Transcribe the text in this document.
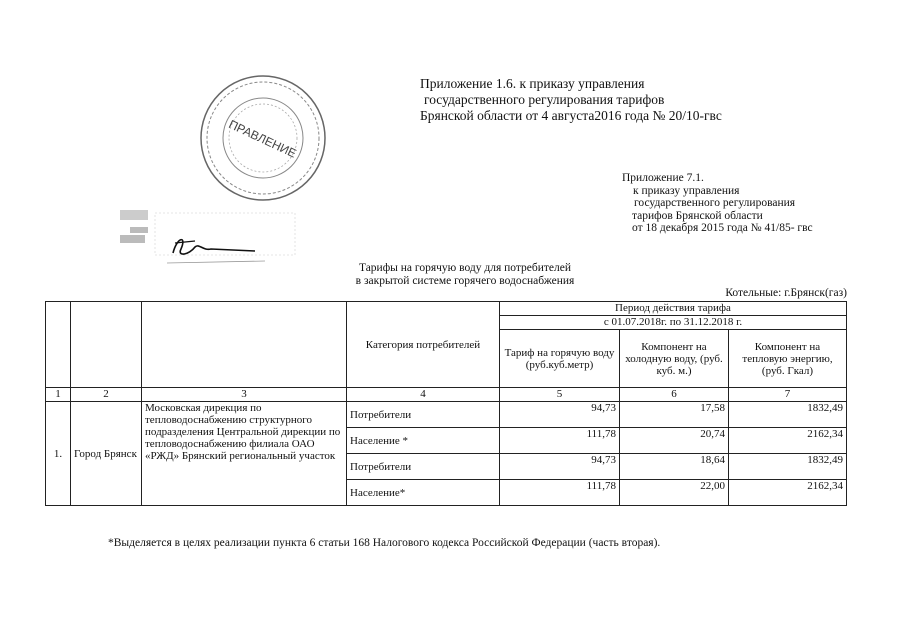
ПРАВЛЕНИЕ
Приложение 1.6. к приказу управления
государственного регулирования тарифов
Брянской области от 4 августа2016 года № 20/10-гвс
Приложение 7.1.
к приказу управления
государственного регулирования
тарифов Брянской области
от 18 декабря 2015 года № 41/85- гвс
Тарифы на горячую воду для потребителей
в закрытой системе горячего водоснабжения
Котельные: г.Брянск(газ)
			Категория потребителей	Период действия тарифа		
				с 01.07.2018г. по 31.12.2018 г.		
				Тариф на горячую воду (руб.куб.метр)	Компонент на холодную воду, (руб. куб. м.)	Компонент на тепловую энергию, (руб. Гкал)
1	2	3	4	5	6	7
1.	Город Брянск	Московская дирекция по тепловодоснабжению структурного подразделения Центральной дирекции по тепловодоснабжению филиала ОАО «РЖД» Брянский региональный участок	Потребители	94,73	17,58	1832,49
			Население *	111,78	20,74	2162,34
			Потребители	94,73	18,64	1832,49
			Население*	111,78	22,00	2162,34
*Выделяется в целях реализации пункта 6 статьи 168 Налогового кодекса Российской Федерации (часть вторая).
